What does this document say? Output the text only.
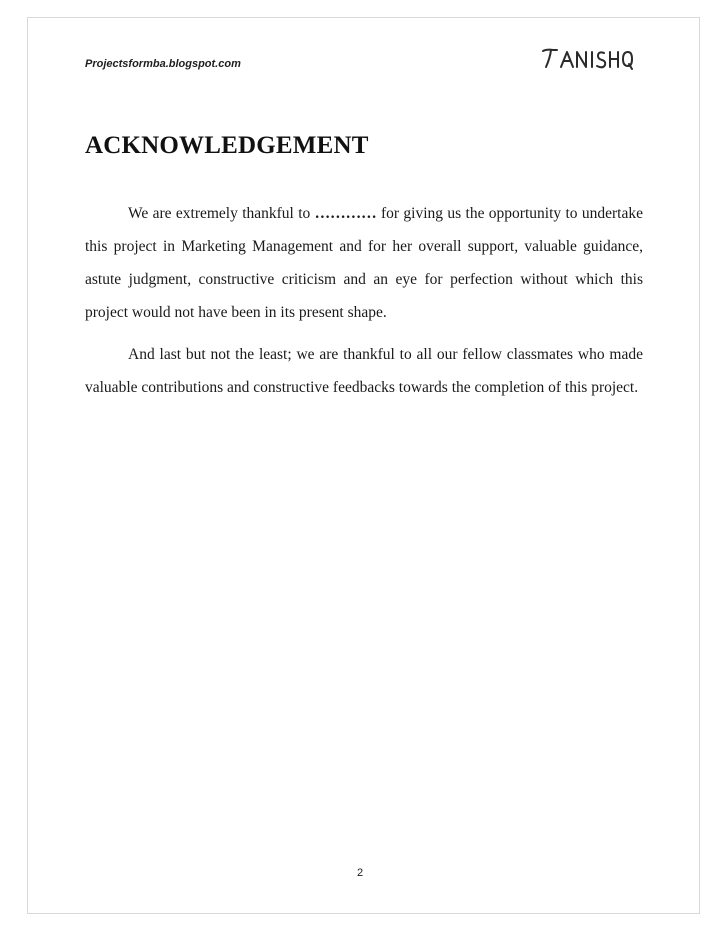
Projectsformba.blogspot.com
ACKNOWLEDGEMENT

We are extremely thankful to ………… for giving us the opportunity to undertake this project in Marketing Management and for her overall support, valuable guidance, astute judgment, constructive criticism and an eye for perfection without which this project would not have been in its present shape.

And last but not the least; we are thankful to all our fellow classmates who made valuable contributions and constructive feedbacks towards the completion of this project.

2
